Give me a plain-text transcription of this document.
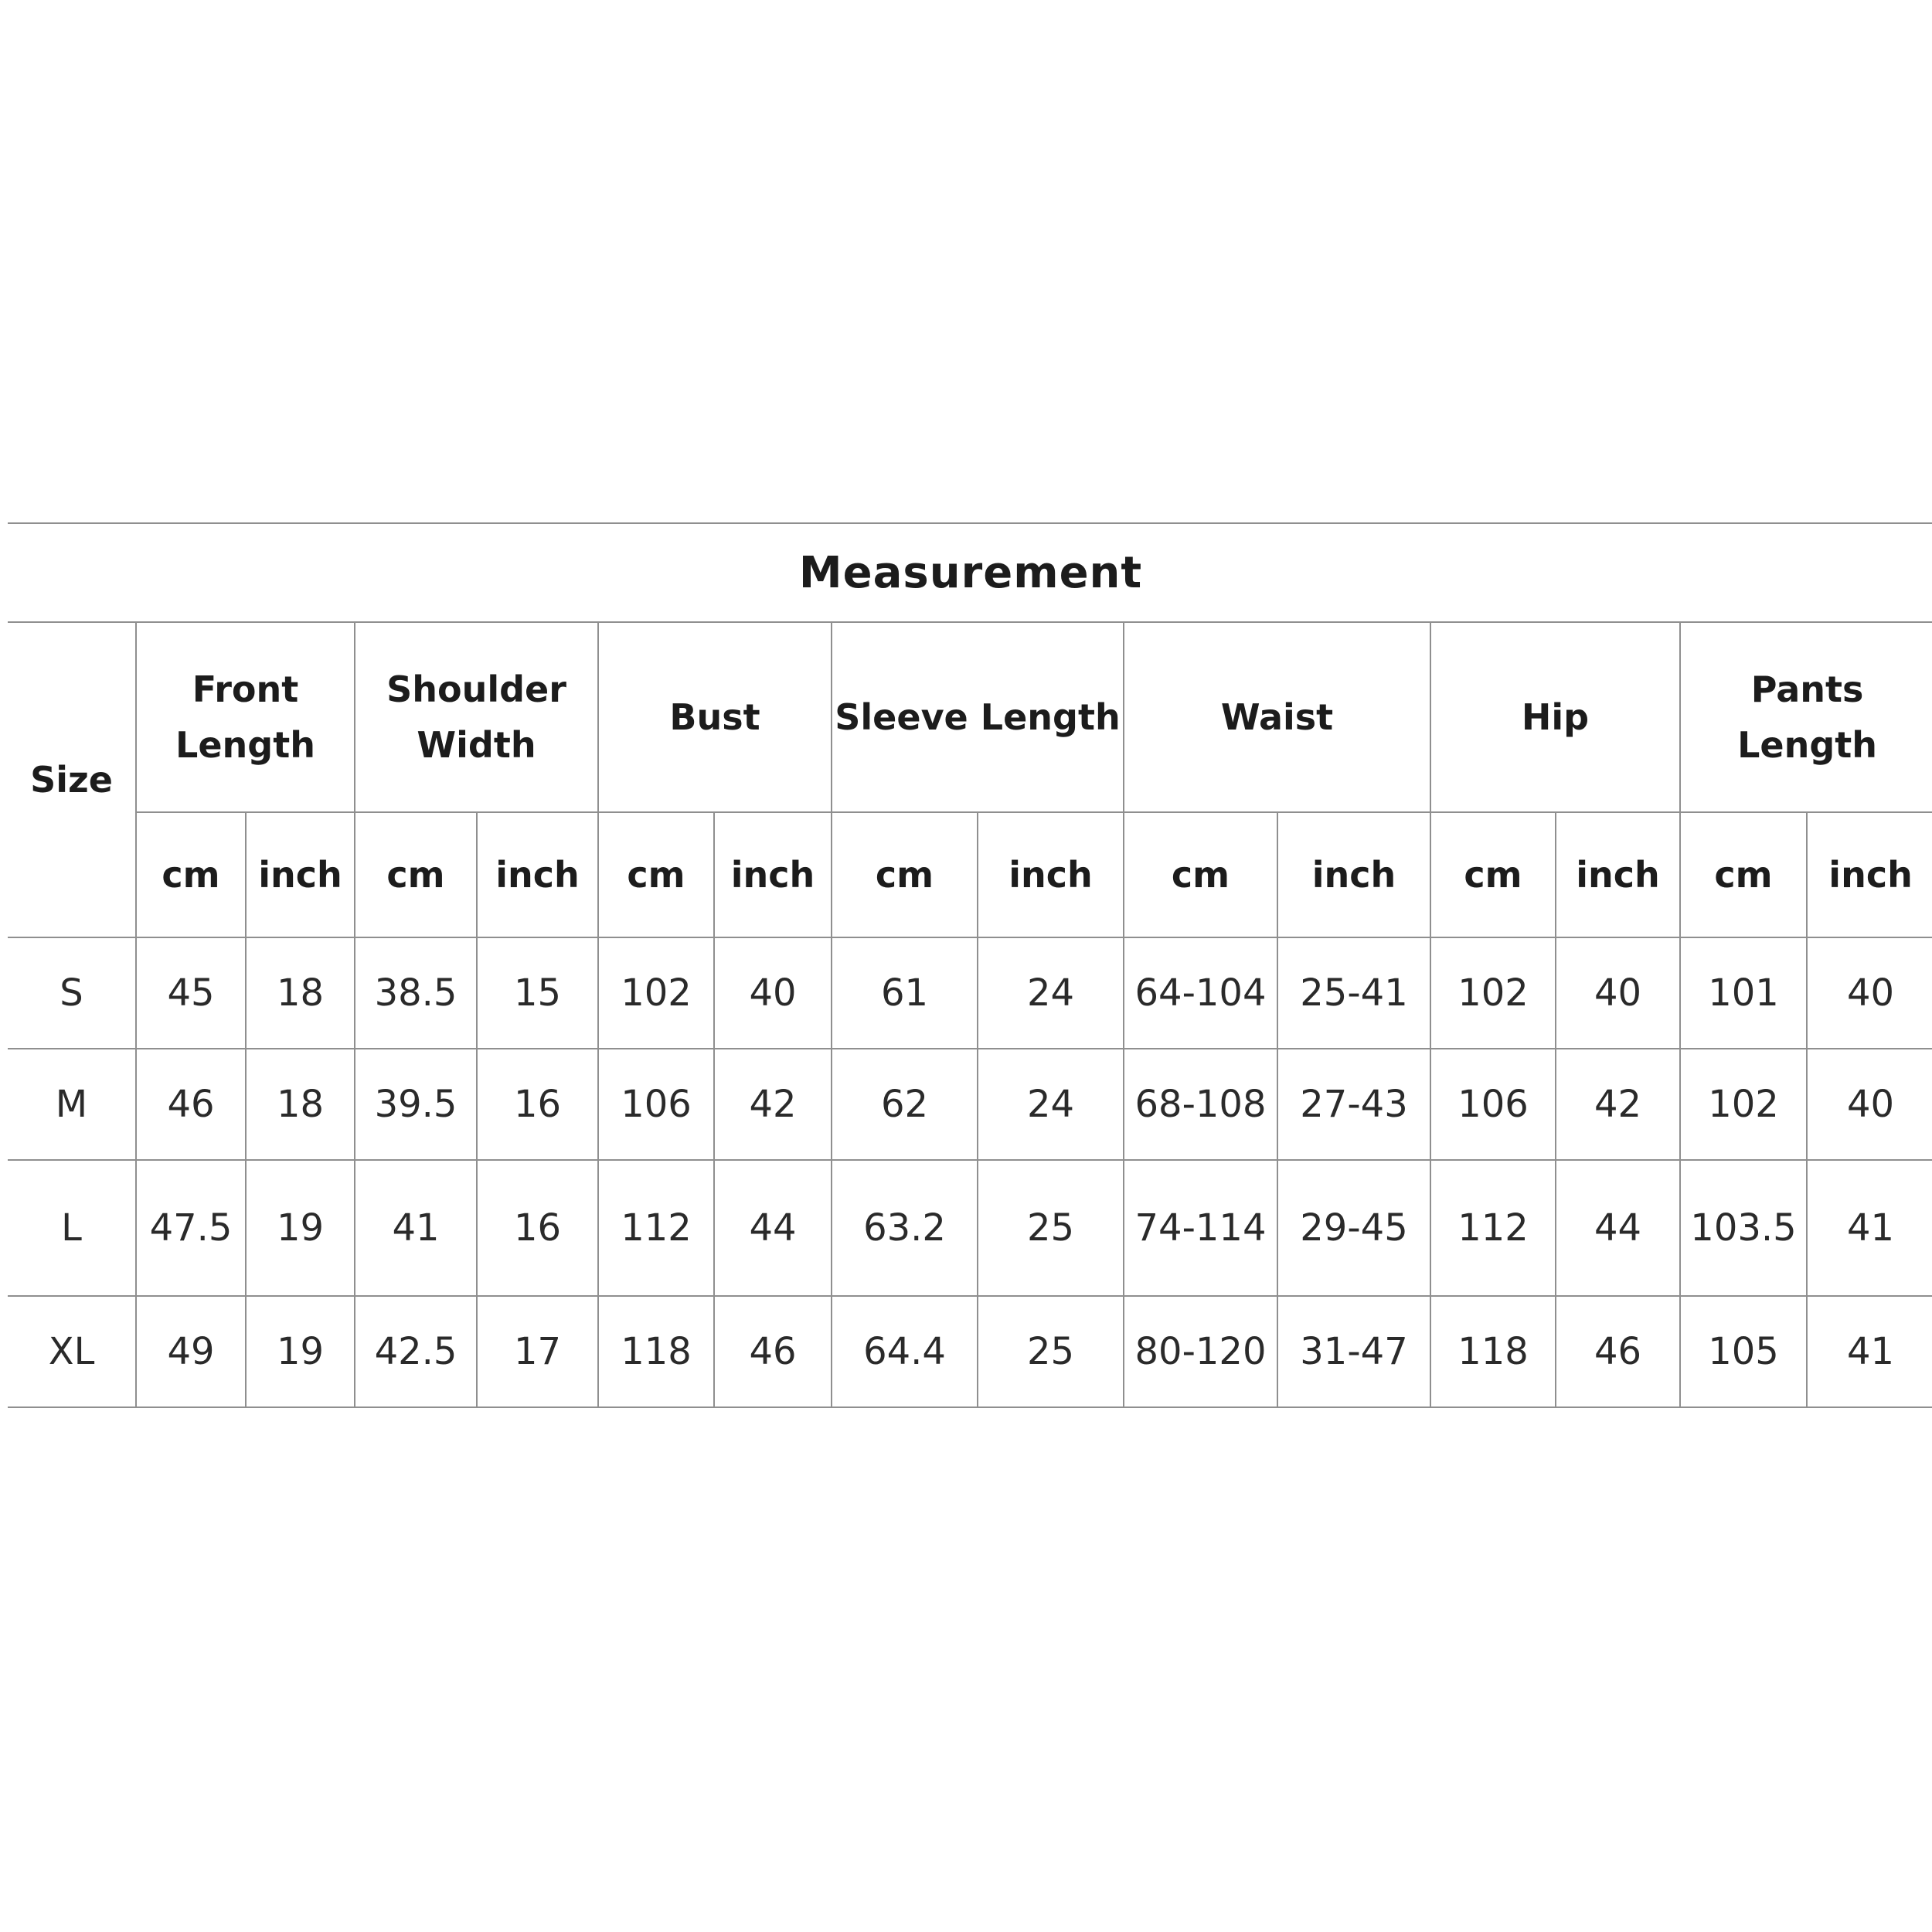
Measurement														
Size	Front Length		Shoulder Width		Bust		Sleeve Length		Waist		Hip		Pants Length	
	cm	inch	cm	inch	cm	inch	cm	inch	cm	inch	cm	inch	cm	inch
S	45	18	38.5	15	102	40	61	24	64-104	25-41	102	40	101	40
M	46	18	39.5	16	106	42	62	24	68-108	27-43	106	42	102	40
L	47.5	19	41	16	112	44	63.2	25	74-114	29-45	112	44	103.5	41
XL	49	19	42.5	17	118	46	64.4	25	80-120	31-47	118	46	105	41
